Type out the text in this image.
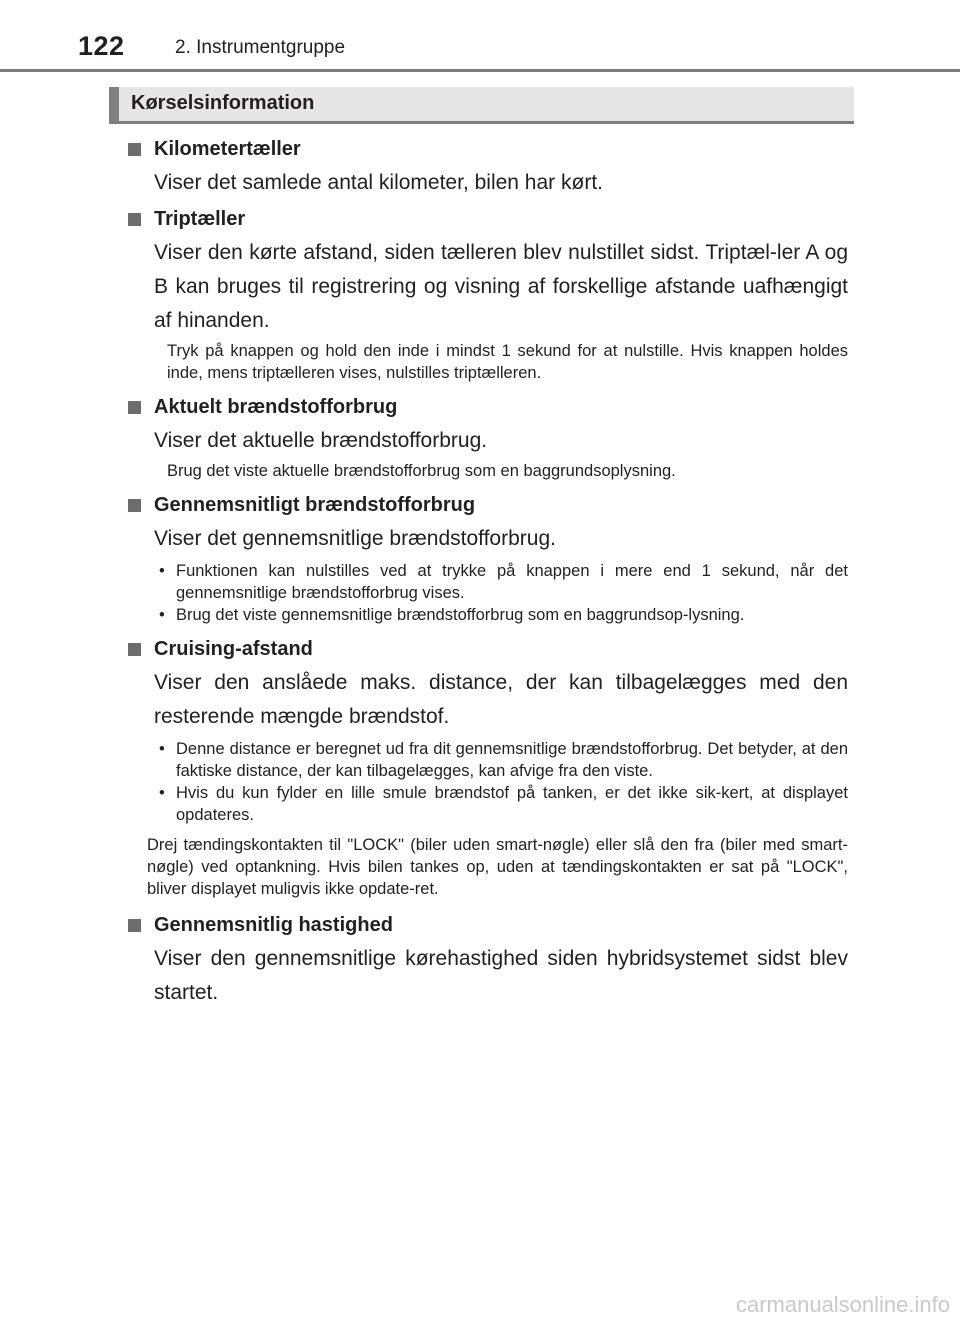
122	2. Instrumentgruppe
Kørselsinformation
Kilometertæller
Viser det samlede antal kilometer, bilen har kørt.
Triptæller
Viser den kørte afstand, siden tælleren blev nulstillet sidst. Triptæl-ler A og B kan bruges til registrering og visning af forskellige afstande uafhængigt af hinanden.
Tryk på knappen og hold den inde i mindst 1 sekund for at nulstille. Hvis knappen holdes inde, mens triptælleren vises, nulstilles triptælleren.
Aktuelt brændstofforbrug
Viser det aktuelle brændstofforbrug.
Brug det viste aktuelle brændstofforbrug som en baggrundsoplysning.
Gennemsnitligt brændstofforbrug
Viser det gennemsnitlige brændstofforbrug.
• Funktionen kan nulstilles ved at trykke på knappen i mere end 1 sekund, når det gennemsnitlige brændstofforbrug vises.
• Brug det viste gennemsnitlige brændstofforbrug som en baggrundsop-lysning.
Cruising-afstand
Viser den anslåede maks. distance, der kan tilbagelægges med den resterende mængde brændstof.
• Denne distance er beregnet ud fra dit gennemsnitlige brændstofforbrug. Det betyder, at den faktiske distance, der kan tilbagelægges, kan afvige fra den viste.
• Hvis du kun fylder en lille smule brændstof på tanken, er det ikke sik-kert, at displayet opdateres.
Drej tændingskontakten til "LOCK" (biler uden smart-nøgle) eller slå den fra (biler med smart-nøgle) ved optankning. Hvis bilen tankes op, uden at tændingskontakten er sat på "LOCK", bliver displayet muligvis ikke opdate-ret.
Gennemsnitlig hastighed
Viser den gennemsnitlige kørehastighed siden hybridsystemet sidst blev startet.
carmanualsonline.info
